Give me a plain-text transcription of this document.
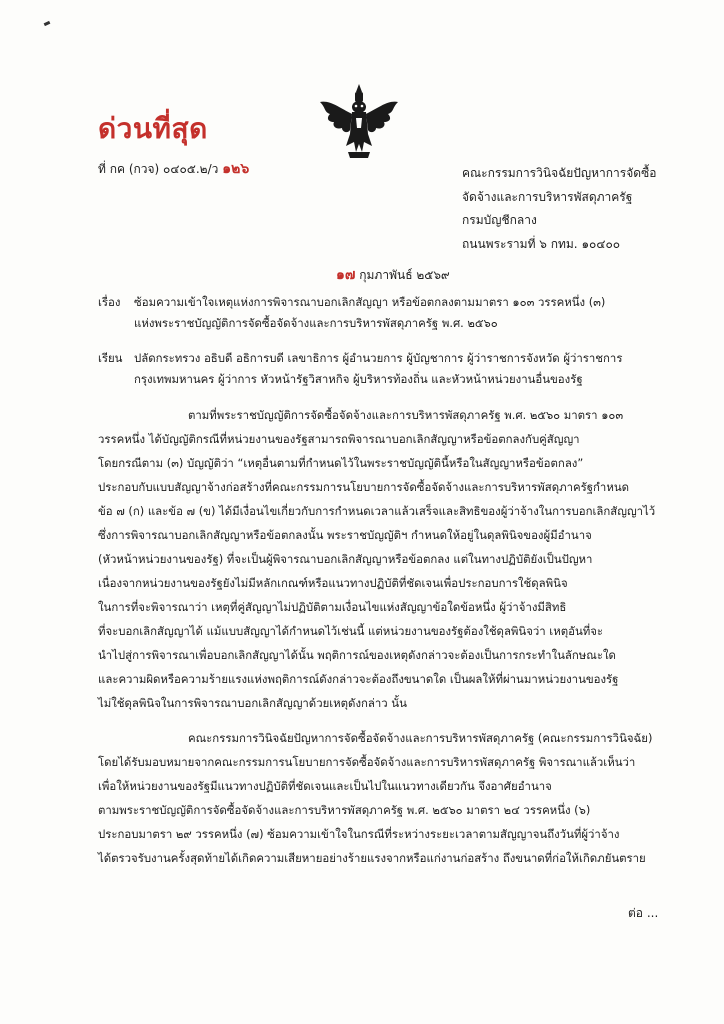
ด่วนที่สุด
ที่ กค (กวจ) ๐๔๐๕.๒/ว ๑๒๖	คณะกรรมการวินิจฉัยปัญหาการจัดซื้อ
จัดจ้างและการบริหารพัสดุภาครัฐ
กรมบัญชีกลาง
ถนนพระรามที่ ๖ กทม. ๑๐๔๐๐
๑๗ กุมภาพันธ์ ๒๕๖๙
เรื่อง ซ้อมความเข้าใจเหตุแห่งการพิจารณาบอกเลิกสัญญา หรือข้อตกลงตามมาตรา ๑๐๓ วรรคหนึ่ง (๓)
แห่งพระราชบัญญัติการจัดซื้อจัดจ้างและการบริหารพัสดุภาครัฐ พ.ศ. ๒๕๖๐
เรียน ปลัดกระทรวง อธิบดี อธิการบดี เลขาธิการ ผู้อำนวยการ ผู้บัญชาการ ผู้ว่าราชการจังหวัด ผู้ว่าราชการ
กรุงเทพมหานคร ผู้ว่าการ หัวหน้ารัฐวิสาหกิจ ผู้บริหารท้องถิ่น และหัวหน้าหน่วยงานอื่นของรัฐ
ตามที่พระราชบัญญัติการจัดซื้อจัดจ้างและการบริหารพัสดุภาครัฐ พ.ศ. ๒๕๖๐ มาตรา ๑๐๓
วรรคหนึ่ง ได้บัญญัติกรณีที่หน่วยงานของรัฐสามารถพิจารณาบอกเลิกสัญญาหรือข้อตกลงกับคู่สัญญา
โดยกรณีตาม (๓) บัญญัติว่า “เหตุอื่นตามที่กำหนดไว้ในพระราชบัญญัตินี้หรือในสัญญาหรือข้อตกลง”
ประกอบกับแบบสัญญาจ้างก่อสร้างที่คณะกรรมการนโยบายการจัดซื้อจัดจ้างและการบริหารพัสดุภาครัฐกำหนด
ข้อ ๗ (ก) และข้อ ๗ (ข) ได้มีเงื่อนไขเกี่ยวกับการกำหนดเวลาแล้วเสร็จและสิทธิของผู้ว่าจ้างในการบอกเลิกสัญญาไว้
ซึ่งการพิจารณาบอกเลิกสัญญาหรือข้อตกลงนั้น พระราชบัญญัติฯ กำหนดให้อยู่ในดุลพินิจของผู้มีอำนาจ
(หัวหน้าหน่วยงานของรัฐ) ที่จะเป็นผู้พิจารณาบอกเลิกสัญญาหรือข้อตกลง แต่ในทางปฏิบัติยังเป็นปัญหา
เนื่องจากหน่วยงานของรัฐยังไม่มีหลักเกณฑ์หรือแนวทางปฏิบัติที่ชัดเจนเพื่อประกอบการใช้ดุลพินิจ
ในการที่จะพิจารณาว่า เหตุที่คู่สัญญาไม่ปฏิบัติตามเงื่อนไขแห่งสัญญาข้อใดข้อหนึ่ง ผู้ว่าจ้างมีสิทธิ
ที่จะบอกเลิกสัญญาได้ แม้แบบสัญญาได้กำหนดไว้เช่นนี้ แต่หน่วยงานของรัฐต้องใช้ดุลพินิจว่า เหตุอันที่จะ
นำไปสู่การพิจารณาเพื่อบอกเลิกสัญญาได้นั้น พฤติการณ์ของเหตุดังกล่าวจะต้องเป็นการกระทำในลักษณะใด
และความผิดหรือความร้ายแรงแห่งพฤติการณ์ดังกล่าวจะต้องถึงขนาดใด เป็นผลให้ที่ผ่านมาหน่วยงานของรัฐ
ไม่ใช้ดุลพินิจในการพิจารณาบอกเลิกสัญญาด้วยเหตุดังกล่าว นั้น
คณะกรรมการวินิจฉัยปัญหาการจัดซื้อจัดจ้างและการบริหารพัสดุภาครัฐ (คณะกรรมการวินิจฉัย)
โดยได้รับมอบหมายจากคณะกรรมการนโยบายการจัดซื้อจัดจ้างและการบริหารพัสดุภาครัฐ พิจารณาแล้วเห็นว่า
เพื่อให้หน่วยงานของรัฐมีแนวทางปฏิบัติที่ชัดเจนและเป็นไปในแนวทางเดียวกัน จึงอาศัยอำนาจ
ตามพระราชบัญญัติการจัดซื้อจัดจ้างและการบริหารพัสดุภาครัฐ พ.ศ. ๒๕๖๐ มาตรา ๒๔ วรรคหนึ่ง (๖)
ประกอบมาตรา ๒๙ วรรคหนึ่ง (๗) ซ้อมความเข้าใจในกรณีที่ระหว่างระยะเวลาตามสัญญาจนถึงวันที่ผู้ว่าจ้าง
ได้ตรวจรับงานครั้งสุดท้ายได้เกิดความเสียหายอย่างร้ายแรงจากหรือแก่งานก่อสร้าง ถึงขนาดที่ก่อให้เกิดภยันตราย
ต่อ ...
